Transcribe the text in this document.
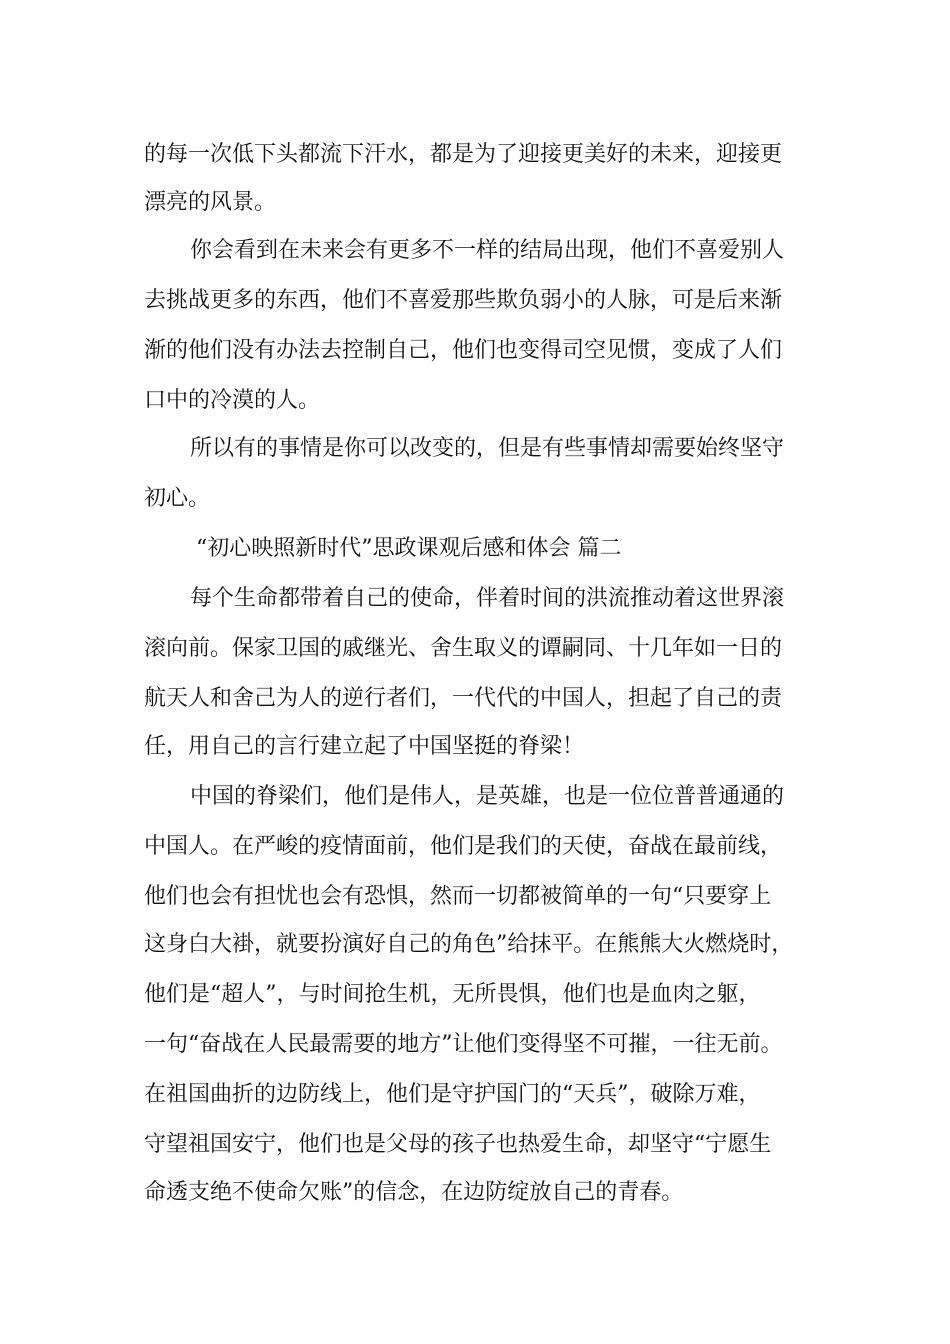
的每一次低下头都流下汗水，都是为了迎接更美好的未来，迎接更
漂亮的风景。
你会看到在未来会有更多不一样的结局出现，他们不喜爱别人
去挑战更多的东西，他们不喜爱那些欺负弱小的人脉，可是后来渐
渐的他们没有办法去控制自己，他们也变得司空见惯，变成了人们
口中的冷漠的人。
所以有的事情是你可以改变的，但是有些事情却需要始终坚守
初心。
“初心映照新时代”思政课观后感和体会 篇二
每个生命都带着自己的使命，伴着时间的洪流推动着这世界滚
滚向前。保家卫国的戚继光、舍生取义的谭嗣同、十几年如一日的
航天人和舍己为人的逆行者们，一代代的中国人，担起了自己的责
任，用自己的言行建立起了中国坚挺的脊梁！
中国的脊梁们，他们是伟人，是英雄，也是一位位普普通通的
中国人。在严峻的疫情面前，他们是我们的天使，奋战在最前线，
他们也会有担忧也会有恐惧，然而一切都被简单的一句“只要穿上
这身白大褂，就要扮演好自己的角色”给抹平。在熊熊大火燃烧时，
他们是“超人”，与时间抢生机，无所畏惧，他们也是血肉之躯，
一句“奋战在人民最需要的地方”让他们变得坚不可摧，一往无前。
在祖国曲折的边防线上，他们是守护国门的“天兵”，破除万难，
守望祖国安宁，他们也是父母的孩子也热爱生命，却坚守“宁愿生
命透支绝不使命欠账”的信念，在边防绽放自己的青春。
